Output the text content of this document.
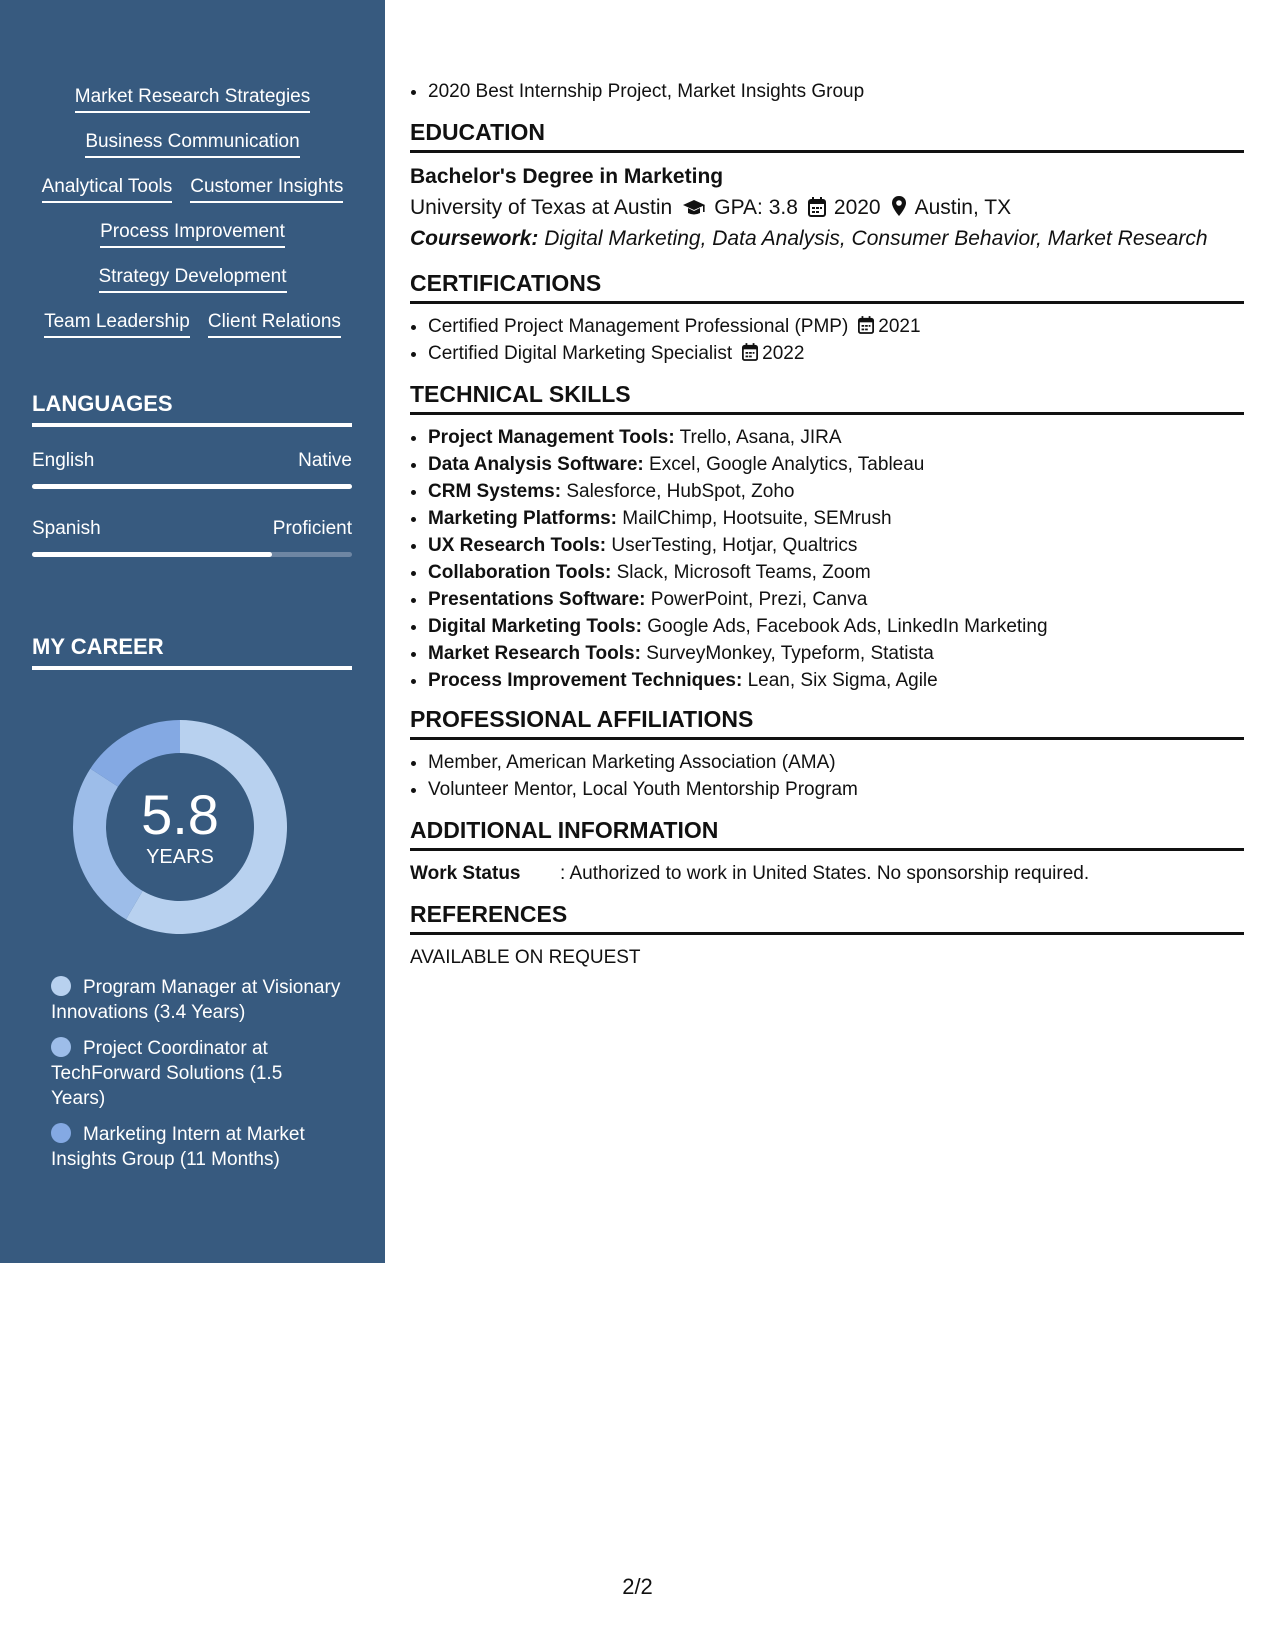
Market Research Strategies
Business Communication
Analytical Tools Customer Insights
Process Improvement
Strategy Development
Team Leadership Client Relations
LANGUAGES
English	Native
Spanish	Proficient
MY CAREER
5.8
YEARS
Program Manager at Visionary Innovations (3.4 Years)
Project Coordinator at TechForward Solutions (1.5 Years)
Marketing Intern at Market Insights Group (11 Months)
• 2020 Best Internship Project, Market Insights Group
EDUCATION
Bachelor's Degree in Marketing
University of Texas at Austin GPA: 3.8 2020 Austin, TX
Coursework: Digital Marketing, Data Analysis, Consumer Behavior, Market Research
CERTIFICATIONS
• Certified Project Management Professional (PMP) 2021
• Certified Digital Marketing Specialist 2022
TECHNICAL SKILLS
• Project Management Tools: Trello, Asana, JIRA
• Data Analysis Software: Excel, Google Analytics, Tableau
• CRM Systems: Salesforce, HubSpot, Zoho
• Marketing Platforms: MailChimp, Hootsuite, SEMrush
• UX Research Tools: UserTesting, Hotjar, Qualtrics
• Collaboration Tools: Slack, Microsoft Teams, Zoom
• Presentations Software: PowerPoint, Prezi, Canva
• Digital Marketing Tools: Google Ads, Facebook Ads, LinkedIn Marketing
• Market Research Tools: SurveyMonkey, Typeform, Statista
• Process Improvement Techniques: Lean, Six Sigma, Agile
PROFESSIONAL AFFILIATIONS
• Member, American Marketing Association (AMA)
• Volunteer Mentor, Local Youth Mentorship Program
ADDITIONAL INFORMATION
Work Status	: Authorized to work in United States. No sponsorship required.
REFERENCES
AVAILABLE ON REQUEST
2/2
